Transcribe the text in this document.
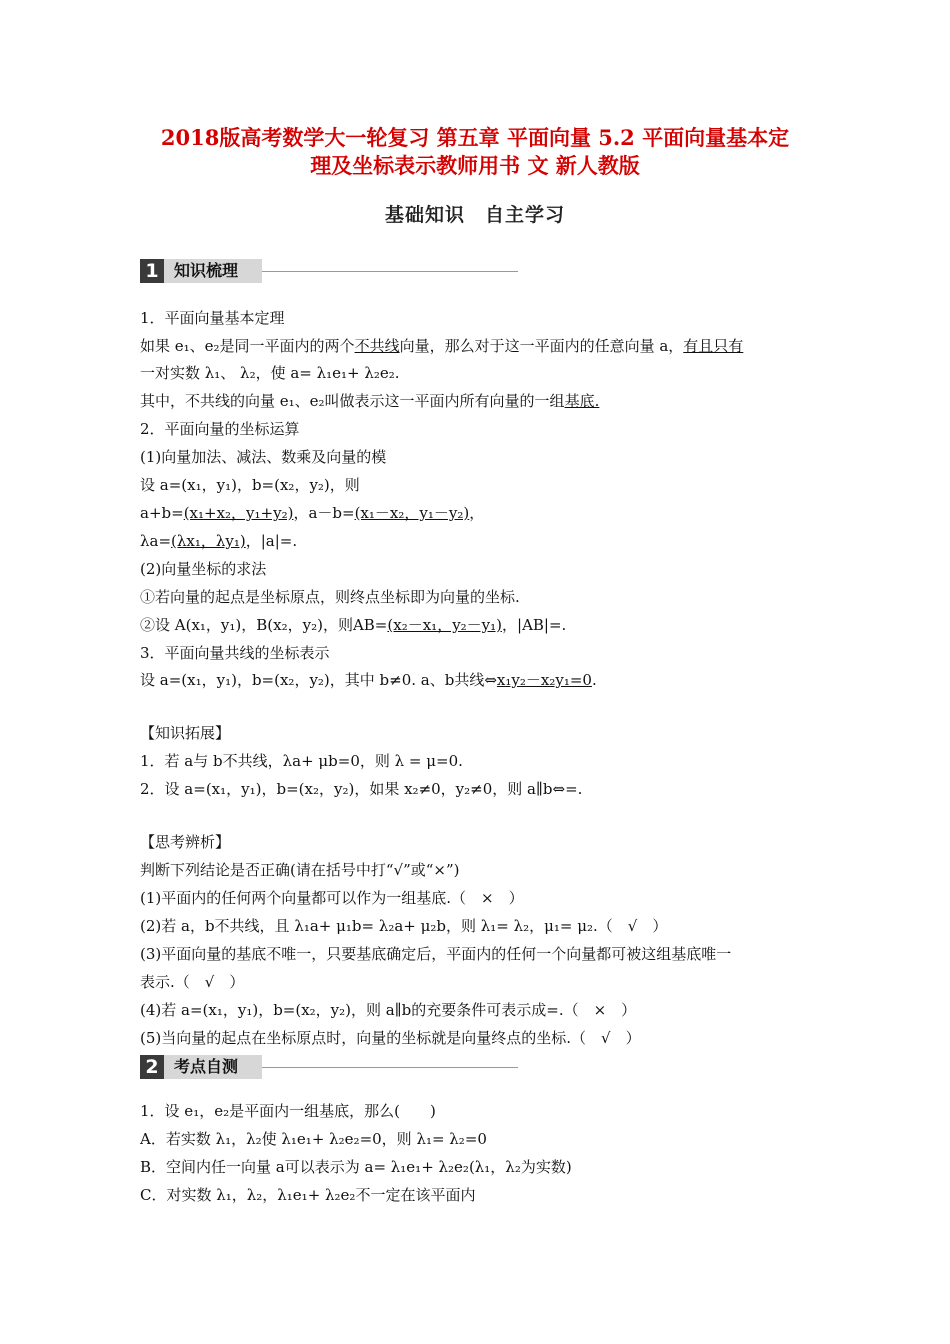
2018版高考数学大一轮复习 第五章 平面向量 5.2 平面向量基本定
理及坐标表示教师用书 文 新人教版
基础知识　自主学习
1 知识梳理
2 考点自测
1．平面向量基本定理
如果 e₁、e₂是同一平面内的两个不共线向量，那么对于这一平面内的任意向量 a，有且只有
一对实数 λ₁、 λ₂，使 a= λ₁e₁+ λ₂e₂.
其中，不共线的向量 e₁、e₂叫做表示这一平面内所有向量的一组基底.
2．平面向量的坐标运算
(1)向量加法、减法、数乘及向量的模
设 a=(x₁，y₁)，b=(x₂，y₂)，则
a+b=(x₁+x₂，y₁+y₂)，a－b=(x₁－x₂，y₁－y₂)，
λa=(λx₁，λy₁)，|a|=.
(2)向量坐标的求法
①若向量的起点是坐标原点，则终点坐标即为向量的坐标.
②设 A(x₁，y₁)，B(x₂，y₂)，则AB=(x₂－x₁，y₂－y₁)，|AB|=.
3．平面向量共线的坐标表示
设 a=(x₁，y₁)，b=(x₂，y₂)，其中 b≠0. a、b共线⇔x₁y₂－x₂y₁=0.
【知识拓展】
1．若 a与 b不共线，λa+ μb=0，则 λ = μ=0.
2．设 a=(x₁，y₁)，b=(x₂，y₂)，如果 x₂≠0，y₂≠0，则 a∥b⇔=.
【思考辨析】
判断下列结论是否正确(请在括号中打“√”或“×”)
(1)平面内的任何两个向量都可以作为一组基底.（　×　）
(2)若 a，b不共线，且 λ₁a+ μ₁b= λ₂a+ μ₂b，则 λ₁= λ₂，μ₁= μ₂.（　√　）
(3)平面向量的基底不唯一，只要基底确定后，平面内的任何一个向量都可被这组基底唯一
表示.（　√　）
(4)若 a=(x₁，y₁)，b=(x₂，y₂)，则 a∥b的充要条件可表示成=.（　×　）
(5)当向量的起点在坐标原点时，向量的坐标就是向量终点的坐标.（　√　）
1．设 e₁，e₂是平面内一组基底，那么(　　)
A．若实数 λ₁，λ₂使 λ₁e₁+ λ₂e₂=0，则 λ₁= λ₂=0
B．空间内任一向量 a可以表示为 a= λ₁e₁+ λ₂e₂(λ₁，λ₂为实数)
C．对实数 λ₁，λ₂，λ₁e₁+ λ₂e₂不一定在该平面内
